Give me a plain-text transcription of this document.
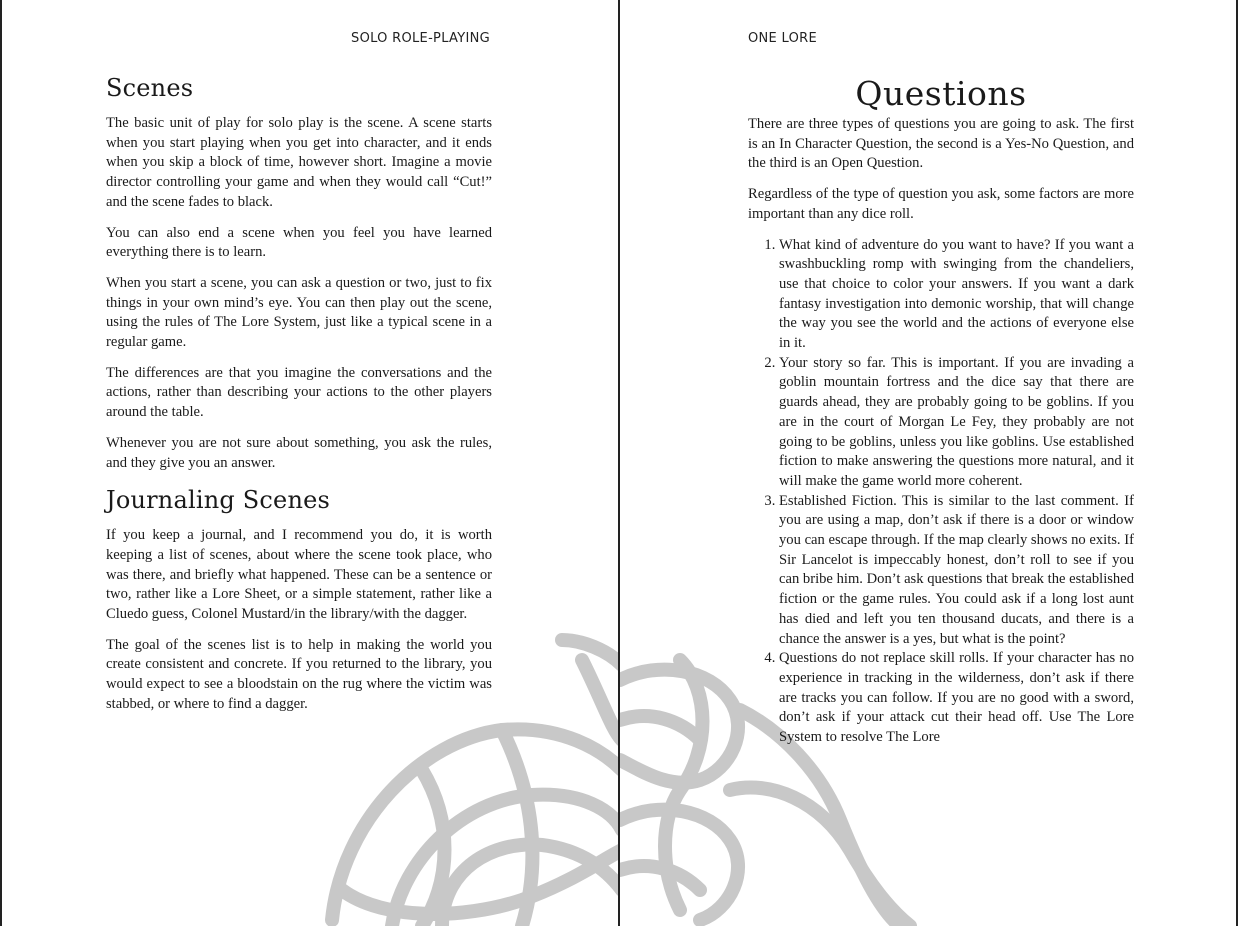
SOLO ROLE-PLAYING
Scenes

The basic unit of play for solo play is the scene. A scene starts when you start playing when you get into character, and it ends when you skip a block of time, however short. Imagine a movie director controlling your game and when they would call “Cut!” and the scene fades to black.

You can also end a scene when you feel you have learned everything there is to learn.

When you start a scene, you can ask a question or two, just to fix things in your own mind’s eye. You can then play out the scene, using the rules of The Lore System, just like a typical scene in a regular game.

The differences are that you imagine the conversations and the actions, rather than describing your actions to the other players around the table.

Whenever you are not sure about something, you ask the rules, and they give you an answer.

Journaling Scenes

If you keep a journal, and I recommend you do, it is worth keeping a list of scenes, about where the scene took place, who was there, and briefly what happened. These can be a sentence or two, rather like a Lore Sheet, or a simple statement, rather like a Cluedo guess, Colonel Mustard/in the library/with the dagger.

The goal of the scenes list is to help in making the world you create consistent and concrete. If you returned to the library, you would expect to see a bloodstain on the rug where the victim was stabbed, or where to find a dagger.

ONE LORE
Questions

There are three types of questions you are going to ask. The first is an In Character Question, the second is a Yes-No Question, and the third is an Open Question.

Regardless of the type of question you ask, some factors are more important than any dice roll.

1. What kind of adventure do you want to have? If you want a swashbuckling romp with swinging from the chandeliers, use that choice to color your answers. If you want a dark fantasy investigation into demonic worship, that will change the way you see the world and the actions of everyone else in it.
2. Your story so far. This is important. If you are invading a goblin mountain fortress and the dice say that there are guards ahead, they are probably going to be goblins. If you are in the court of Morgan Le Fey, they probably are not going to be goblins, unless you like goblins. Use established fiction to make answering the questions more natural, and it will make the game world more coherent.
3. Established Fiction. This is similar to the last comment. If you are using a map, don’t ask if there is a door or window you can escape through. If the map clearly shows no exits. If Sir Lancelot is impeccably honest, don’t roll to see if you can bribe him. Don’t ask questions that break the established fiction or the game rules. You could ask if a long lost aunt has died and left you ten thousand ducats, and there is a chance the answer is a yes, but what is the point?
4. Questions do not replace skill rolls. If your character has no experience in tracking in the wilderness, don’t ask if there are tracks you can follow. If you are no good with a sword, don’t ask if your attack cut their head off. Use The Lore System to resolve The Lore
